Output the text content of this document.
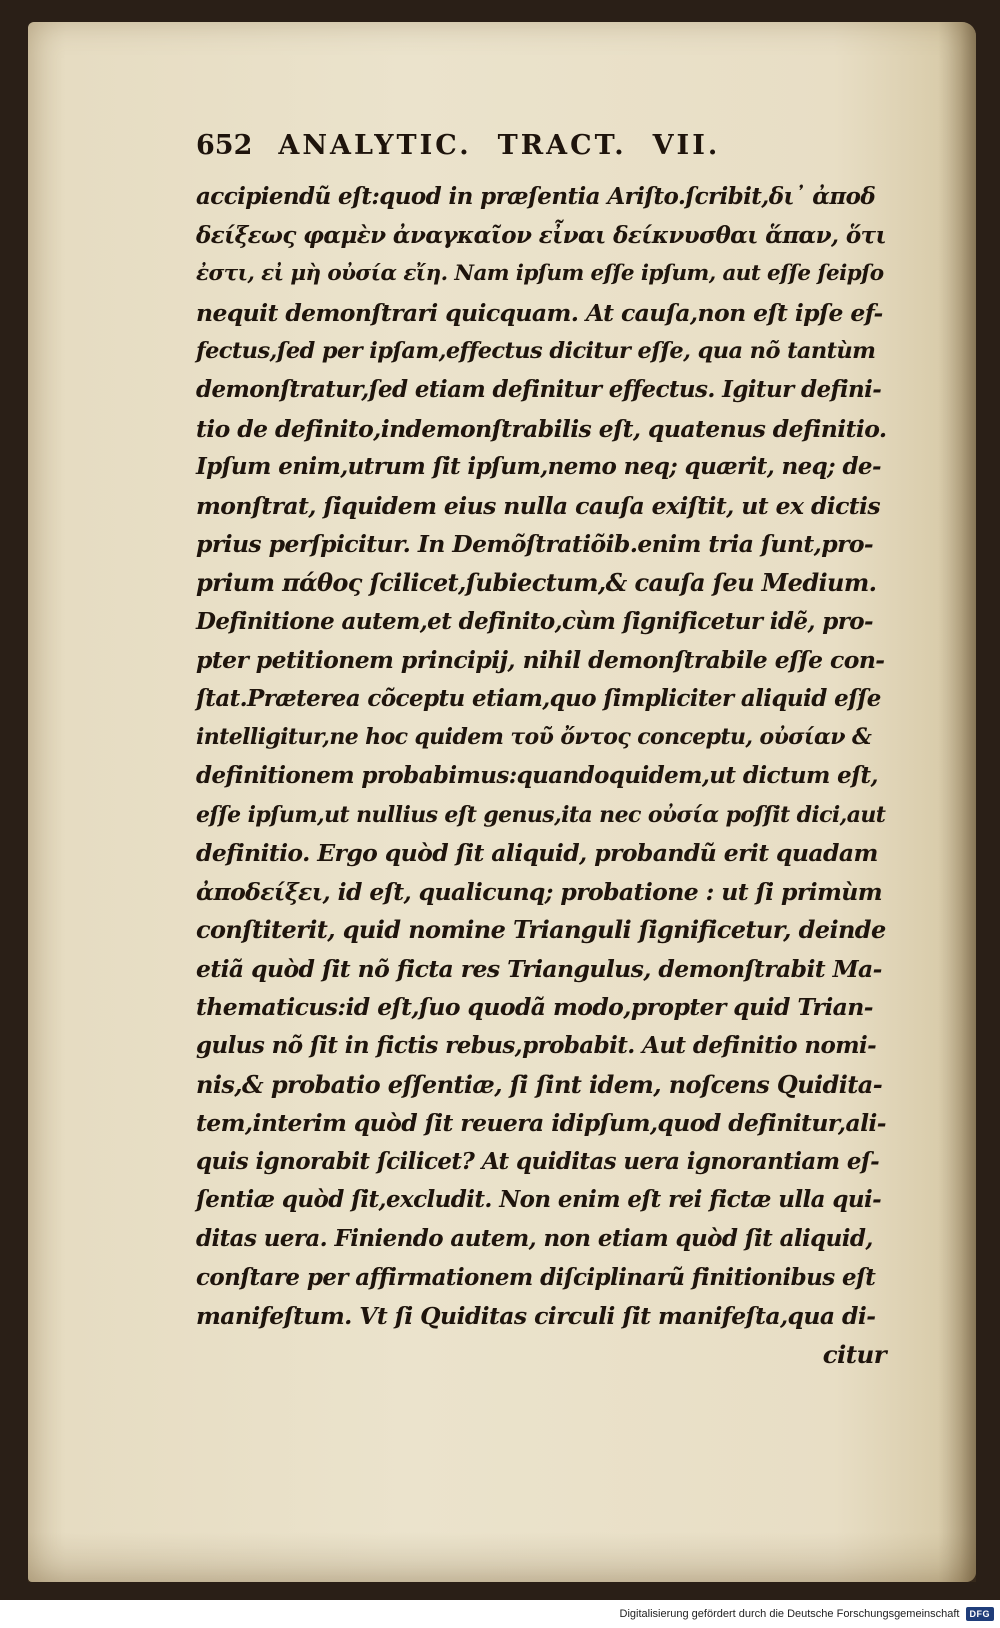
652 ANALYTIC. TRACT. VII.
accipiendũ eſt:quod in præſentia Ariſto.ſcribit,δι᾽ ἀποδ
δείξεως φαμὲν ἀναγκαῖον εἶναι δείκνυσθαι ἅπαν, ὅτι
ἐστι, εἰ μὴ οὐσία εἴη. Nam ipſum eſſe ipſum, aut eſſe ſeipſo
nequit demonſtrari quicquam. At cauſa,non eſt ipſe ef-
fectus,ſed per ipſam,effectus dicitur eſſe, qua nõ tantùm
demonſtratur,ſed etiam definitur effectus. Igitur defini-
tio de definito,indemonſtrabilis eſt, quatenus definitio.
Ipſum enim,utrum ſit ipſum,nemo neq; quærit, neq; de-
monſtrat, ſiquidem eius nulla cauſa exiſtit, ut ex dictis
prius perſpicitur. In Demõſtratiõib.enim tria ſunt,pro-
prium πάθος ſcilicet,ſubiectum,& cauſa ſeu Medium.
Definitione autem,et definito,cùm ſignificetur idẽ, pro-
pter petitionem principij, nihil demonſtrabile eſſe con-
ſtat.Præterea cõceptu etiam,quo ſimpliciter aliquid eſſe
intelligitur,ne hoc quidem τοῦ ὄντος conceptu, οὐσίαν &
definitionem probabimus:quandoquidem,ut dictum eſt,
eſſe ipſum,ut nullius eſt genus,ita nec οὐσία poſſit dici,aut
definitio. Ergo quòd ſit aliquid, probandũ erit quadam
ἀποδείξει, id eſt, qualicunq; probatione : ut ſi primùm
conſtiterit, quid nomine Trianguli ſignificetur, deinde
etiã quòd ſit nõ ficta res Triangulus, demonſtrabit Ma-
thematicus:id eſt,ſuo quodã modo,propter quid Trian-
gulus nõ ſit in fictis rebus,probabit. Aut definitio nomi-
nis,& probatio eſſentiæ, ſi ſint idem, noſcens Quidita-
tem,interim quòd ſit reuera idipſum,quod definitur,ali-
quis ignorabit ſcilicet? At quiditas uera ignorantiam eſ-
ſentiæ quòd ſit,excludit. Non enim eſt rei fictæ ulla qui-
ditas uera. Finiendo autem, non etiam quòd ſit aliquid,
conſtare per affirmationem diſciplinarũ finitionibus eſt
manifeſtum. Vt ſi Quiditas circuli ſit manifeſta,qua di-
citur
Digitalisierung gefördert durch die Deutsche Forschungsgemeinschaft	DFG
